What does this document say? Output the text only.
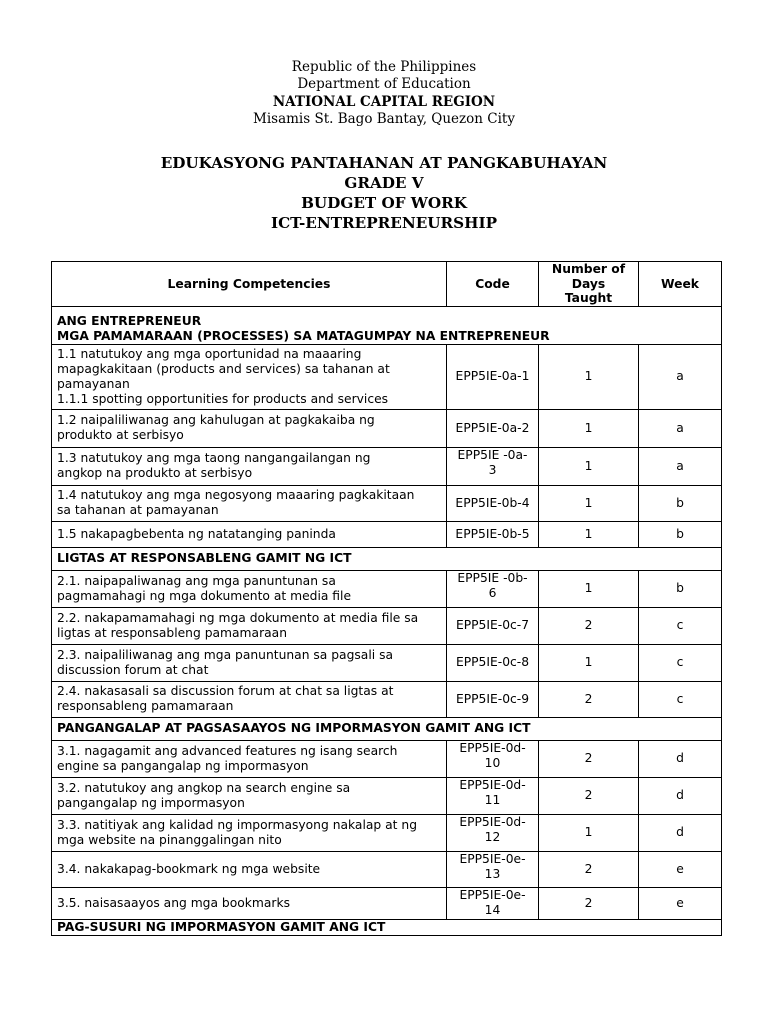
Republic of the Philippines
Department of Education
NATIONAL CAPITAL REGION
Misamis St. Bago Bantay, Quezon City
EDUKASYONG PANTAHANAN AT PANGKABUHAYAN
GRADE V
BUDGET OF WORK
ICT-ENTREPRENEURSHIP
Learning Competencies	Code	Number of
Days
Taught	Week

ANG ENTREPRENEUR
MGA PAMAMARAAN (PROCESSES) SA MATAGUMPAY NA ENTREPRENEUR			

1.1 natutukoy ang mga oportunidad na maaaring
mapagkakitaan (products and services) sa tahanan at
pamayanan
1.1.1 spotting opportunities for products and services	EPP5IE-0a-1	1	a

1.2 naipaliliwanag ang kahulugan at pagkakaiba ng
produkto at serbisyo	EPP5IE-0a-2	1	a

1.3 natutukoy ang mga taong nangangailangan ng
angkop na produkto at serbisyo	EPP5IE -0a-
3	1	a

1.4 natutukoy ang mga negosyong maaaring pagkakitaan
sa tahanan at pamayanan	EPP5IE-0b-4	1	b

1.5 nakapagbebenta ng natatanging paninda	EPP5IE-0b-5	1	b

LIGTAS AT RESPONSABLENG GAMIT NG ICT			

2.1. naipapaliwanag ang mga panuntunan sa
pagmamahagi ng mga dokumento at media file	EPP5IE -0b-
6	1	b

2.2. nakapamamahagi ng mga dokumento at media file sa
ligtas at responsableng pamamaraan	EPP5IE-0c-7	2	c

2.3. naipaliliwanag ang mga panuntunan sa pagsali sa
discussion forum at chat	EPP5IE-0c-8	1	c

2.4. nakasasali sa discussion forum at chat sa ligtas at
responsableng pamamaraan	EPP5IE-0c-9	2	c

PANGANGALAP AT PAGSASAAYOS NG IMPORMASYON GAMIT ANG ICT			

3.1. nagagamit ang advanced features ng isang search
engine sa pangangalap ng impormasyon	EPP5IE-0d-
10	2	d

3.2. natutukoy ang angkop na search engine sa
pangangalap ng impormasyon	EPP5IE-0d-
11	2	d

3.3. natitiyak ang kalidad ng impormasyong nakalap at ng
mga website na pinanggalingan nito	EPP5IE-0d-
12	1	d

3.4. nakakapag-bookmark ng mga website	EPP5IE-0e-
13	2	e

3.5. naisasaayos ang mga bookmarks	EPP5IE-0e-
14	2	e

PAG-SUSURI NG IMPORMASYON GAMIT ANG ICT			
